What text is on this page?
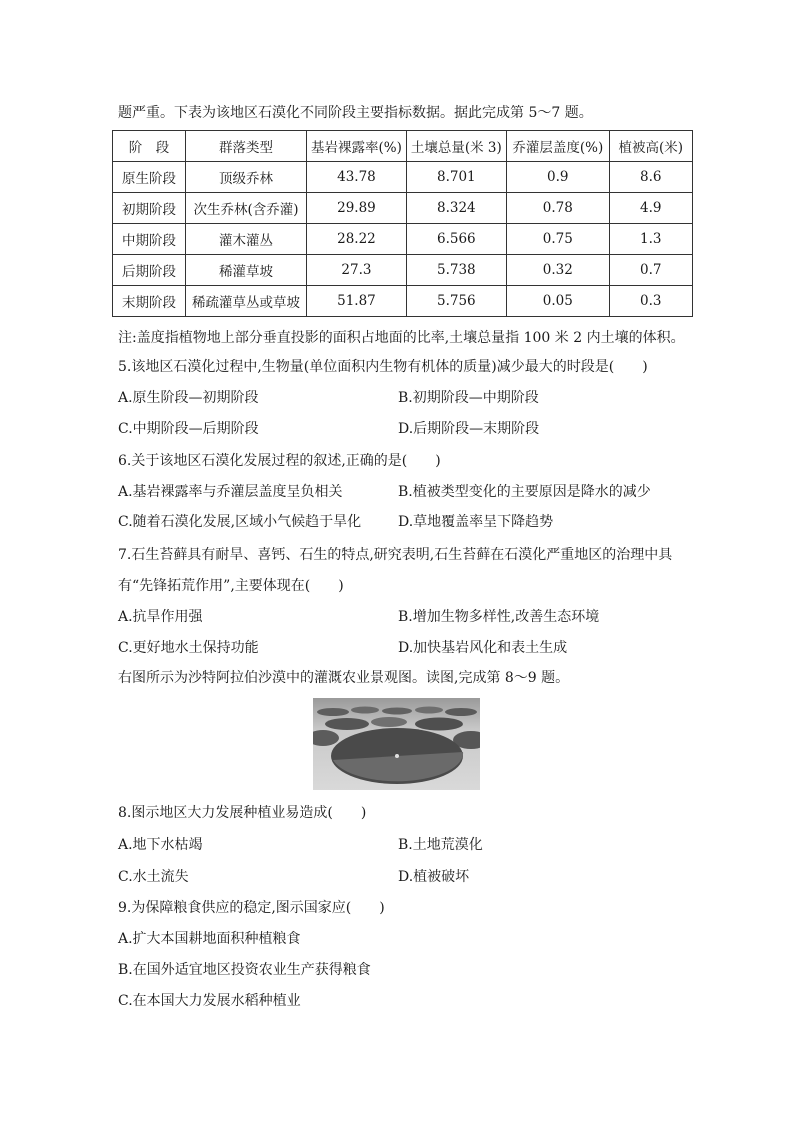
题严重。下表为该地区石漠化不同阶段主要指标数据。据此完成第 5～7 题。
阶　段	群落类型	基岩裸露率(%)	土壤总量(米 3)	乔灌层盖度(%)	植被高(米)
原生阶段	顶级乔林	43.78	8.701	0.9	8.6
初期阶段	次生乔林(含乔灌)	29.89	8.324	0.78	4.9
中期阶段	灌木灌丛	28.22	6.566	0.75	1.3
后期阶段	稀灌草坡	27.3	5.738	0.32	0.7
末期阶段	稀疏灌草丛或草坡	51.87	5.756	0.05	0.3
注:盖度指植物地上部分垂直投影的面积占地面的比率,土壤总量指 100 米 2 内土壤的体积。
5.该地区石漠化过程中,生物量(单位面积内生物有机体的质量)减少最大的时段是(　　)
A.原生阶段—初期阶段	B.初期阶段—中期阶段
C.中期阶段—后期阶段	D.后期阶段—末期阶段
6.关于该地区石漠化发展过程的叙述,正确的是(　　)
A.基岩裸露率与乔灌层盖度呈负相关	B.植被类型变化的主要原因是降水的减少
C.随着石漠化发展,区域小气候趋于旱化	D.草地覆盖率呈下降趋势
7.石生苔藓具有耐旱、喜钙、石生的特点,研究表明,石生苔藓在石漠化严重地区的治理中具
有“先锋拓荒作用”,主要体现在(　　)
A.抗旱作用强	B.增加生物多样性,改善生态环境
C.更好地水土保持功能	D.加快基岩风化和表土生成
右图所示为沙特阿拉伯沙漠中的灌溉农业景观图。读图,完成第 8～9 题。
8.图示地区大力发展种植业易造成(　　)
A.地下水枯竭	B.土地荒漠化
C.水土流失	D.植被破坏
9.为保障粮食供应的稳定,图示国家应(　　)
A.扩大本国耕地面积种植粮食
B.在国外适宜地区投资农业生产获得粮食
C.在本国大力发展水稻种植业
